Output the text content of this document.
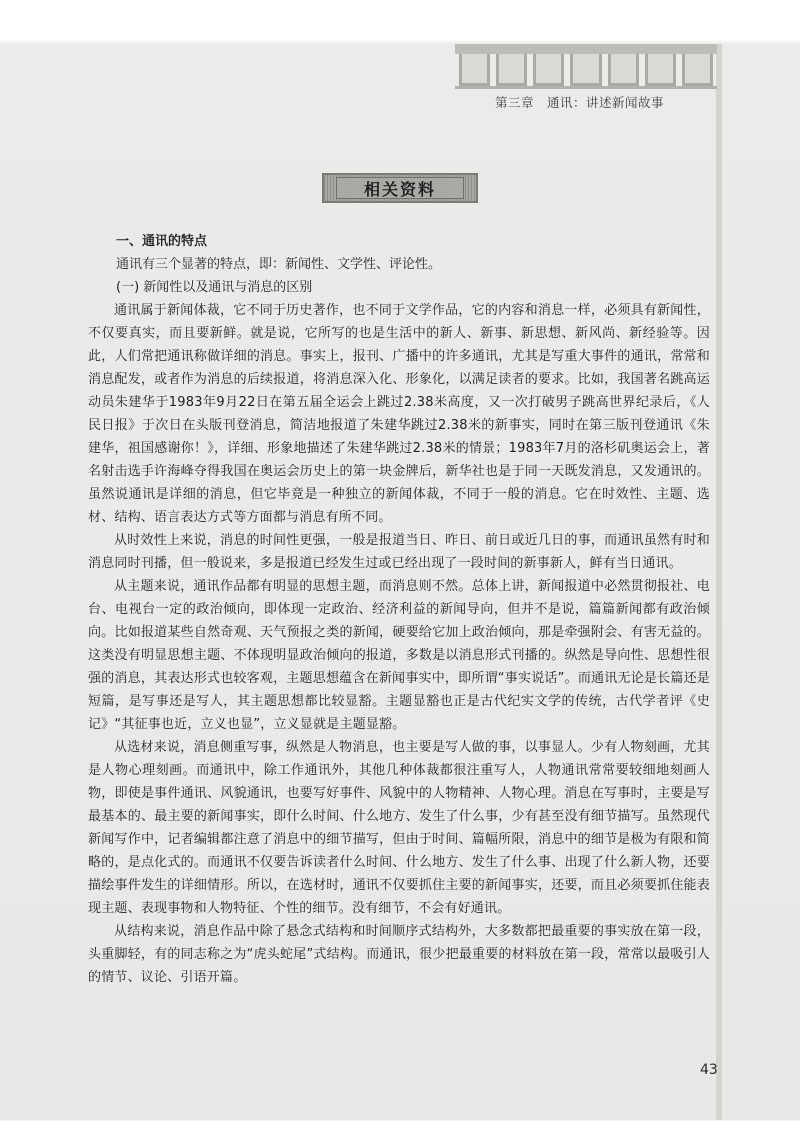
第三章　通讯：讲述新闻故事
相关资料

一、通讯的特点

通讯有三个显著的特点，即：新闻性、文学性、评论性。

(一) 新闻性以及通讯与消息的区别

通讯属于新闻体裁，它不同于历史著作，也不同于文学作品，它的内容和消息一样，必须具有新闻性，不仅要真实，而且要新鲜。就是说，它所写的也是生活中的新人、新事、新思想、新风尚、新经验等。因此，人们常把通讯称做详细的消息。事实上，报刊、广播中的许多通讯，尤其是写重大事件的通讯，常常和消息配发，或者作为消息的后续报道，将消息深入化、形象化，以满足读者的要求。比如，我国著名跳高运动员朱建华于1983年9月22日在第五届全运会上跳过2.38米高度，又一次打破男子跳高世界纪录后，《人民日报》于次日在头版刊登消息，简洁地报道了朱建华跳过2.38米的新事实，同时在第三版刊登通讯《朱建华，祖国感谢你！》，详细、形象地描述了朱建华跳过2.38米的情景；1983年7月的洛杉矶奥运会上，著名射击选手许海峰夺得我国在奥运会历史上的第一块金牌后，新华社也是于同一天既发消息，又发通讯的。虽然说通讯是详细的消息，但它毕竟是一种独立的新闻体裁，不同于一般的消息。它在时效性、主题、选材、结构、语言表达方式等方面都与消息有所不同。

从时效性上来说，消息的时间性更强，一般是报道当日、昨日、前日或近几日的事，而通讯虽然有时和消息同时刊播，但一般说来，多是报道已经发生过或已经出现了一段时间的新事新人，鲜有当日通讯。

从主题来说，通讯作品都有明显的思想主题，而消息则不然。总体上讲，新闻报道中必然贯彻报社、电台、电视台一定的政治倾向，即体现一定政治、经济利益的新闻导向，但并不是说，篇篇新闻都有政治倾向。比如报道某些自然奇观、天气预报之类的新闻，硬要给它加上政治倾向，那是牵强附会、有害无益的。这类没有明显思想主题、不体现明显政治倾向的报道，多数是以消息形式刊播的。纵然是导向性、思想性很强的消息，其表达形式也较客观，主题思想蕴含在新闻事实中，即所谓“事实说话”。而通讯无论是长篇还是短篇，是写事还是写人，其主题思想都比较显豁。主题显豁也正是古代纪实文学的传统，古代学者评《史记》“其征事也近，立义也显”，立义显就是主题显豁。

从选材来说，消息侧重写事，纵然是人物消息，也主要是写人做的事，以事显人。少有人物刻画，尤其是人物心理刻画。而通讯中，除工作通讯外，其他几种体裁都很注重写人，人物通讯常常要较细地刻画人物，即使是事件通讯、风貌通讯，也要写好事件、风貌中的人物精神、人物心理。消息在写事时，主要是写最基本的、最主要的新闻事实，即什么时间、什么地方、发生了什么事，少有甚至没有细节描写。虽然现代新闻写作中，记者编辑都注意了消息中的细节描写，但由于时间、篇幅所限，消息中的细节是极为有限和简略的，是点化式的。而通讯不仅要告诉读者什么时间、什么地方、发生了什么事、出现了什么新人物，还要描绘事件发生的详细情形。所以，在选材时，通讯不仅要抓住主要的新闻事实，还要，而且必须要抓住能表现主题、表现事物和人物特征、个性的细节。没有细节，不会有好通讯。

从结构来说，消息作品中除了悬念式结构和时间顺序式结构外，大多数都把最重要的事实放在第一段，头重脚轻，有的同志称之为“虎头蛇尾”式结构。而通讯，很少把最重要的材料放在第一段，常常以最吸引人的情节、议论、引语开篇。

43
